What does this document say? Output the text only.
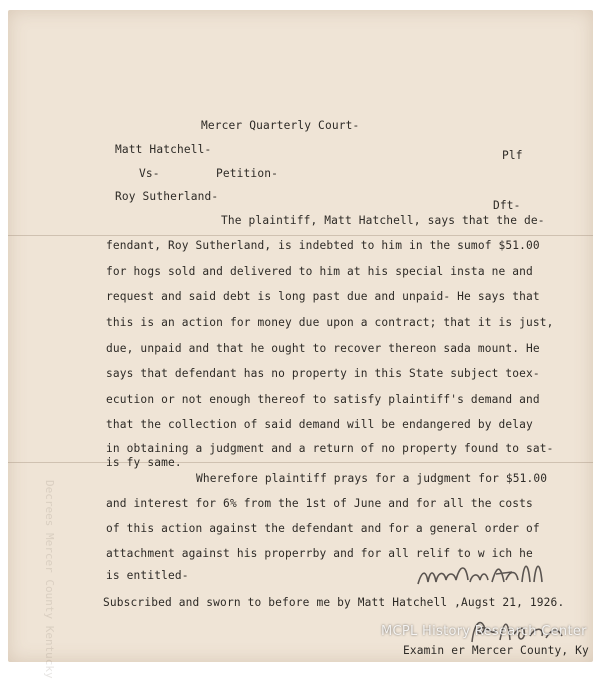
Decrees Mercer County Kentucky
Mercer Quarterly Court-
Matt Hatchell-	Plf
Vs-	Petition-
Roy Sutherland-
Dft-
The plaintiff, Matt Hatchell, says that the de-
fendant, Roy Sutherland, is indebted to him in the sumof $51.00
for hogs sold and delivered to him at his special insta ne and
request and said debt is long past due and unpaid- He says that
this is an action for money due upon a contract; that it is just,
due, unpaid and that he ought to recover thereon sada mount. He
says that defendant has no property in this State subject toex-
ecution or not enough thereof to satisfy plaintiff's demand and
that the collection of said demand will be endangered by delay
in obtaining a judgment and a return of no property found to sat-
is fy same.
Wherefore plaintiff prays for a judgment for $51.00
and interest for 6% from the 1st of June and for all the costs
of this action against the defendant and for a general order of
attachment against his properrby and for all relif to w ich he
is entitled-
Subscribed and sworn to before me by Matt Hatchell ,Augst 21, 1926.
Examin er Mercer County, Ky
MCPL History Research Center
